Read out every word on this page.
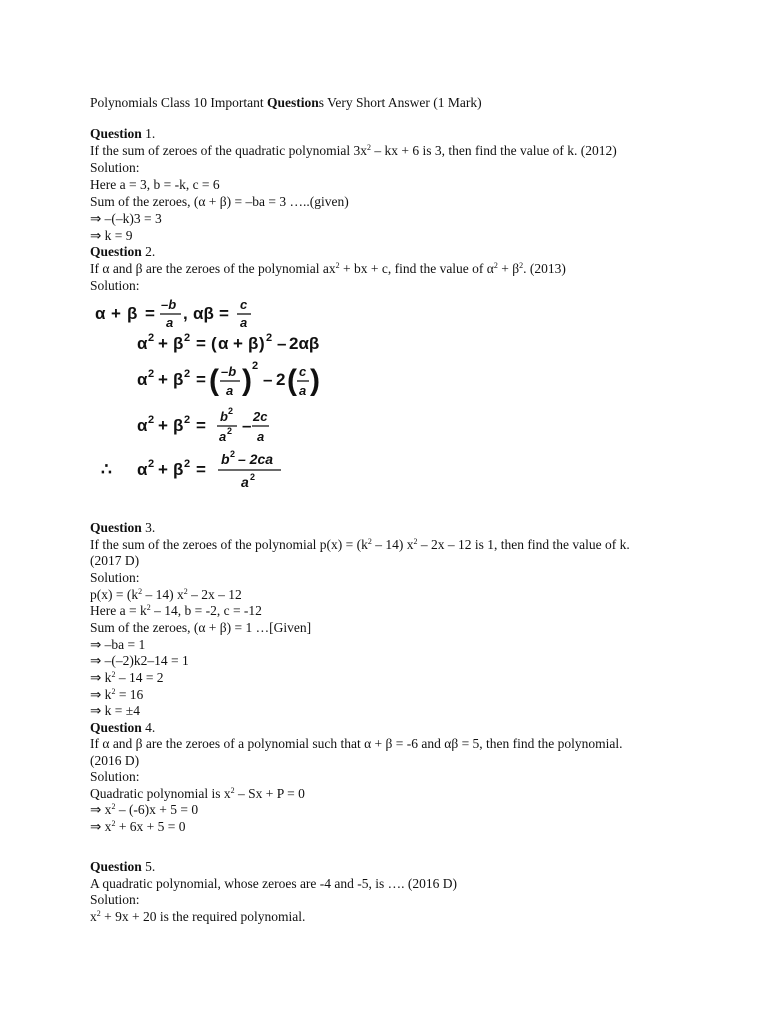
Polynomials Class 10 Important Questions Very Short Answer (1 Mark)
Question 1.
If the sum of zeroes of the quadratic polynomial $3x^2$ – kx + 6 is 3, then find the value of k. (2012)
Solution:
Here a = 3, b = -k, c = 6
Sum of the zeroes, (α + β) = –ba = 3 …..(given)
⇒ –(–k)3 = 3
⇒ k = 9
Question 2.
If α and β are the zeroes of the polynomial $ax^2$ + bx + c, find the value of $\alpha^2 + \beta^2$. (2013)
Solution:
α + β = –b
a , αβ = c
a
α 2 + β 2 = ( α + β ) 2 – 2αβ
α 2 + β 2 = ( –b
a ) 2
– 2 ( c
a )
α 2 + β 2 = b 2
a 2 – 2c
a
∴ α 2 + β 2 =
b 2 – 2ca
a 2
Question 3.
If the sum of the zeroes of the polynomial $p(x) = (k^2 - 14)$ $x^2 - 2x - 12$ is 1, then find the value of k.
(2017 D)
Solution:
$p(x) = (k^2 - 14)$ $x^2 - 2x - 12$
Here $a = k^2 - 14$, b = -2, c = -12
Sum of the zeroes, (α + β) = 1 …[Given]
⇒ –ba = 1
⇒ –(–2)k2–14 = 1
⇒ $k^2 - 14 = 2$
⇒ $k^2 = 16$
⇒ k = ±4
Question 4.
If α and β are the zeroes of a polynomial such that α + β = -6 and αβ = 5, then find the polynomial. (2016 D)
Solution:
Quadratic polynomial is $x^2 - Sx + P = 0$
⇒ $x^2 - (-6)x + 5 = 0$
⇒ $x^2 + 6x + 5 = 0$
Question 5.
A quadratic polynomial, whose zeroes are -4 and -5, is …. (2016 D)
Solution:
$x^2 + 9x + 20$ is the required polynomial.
